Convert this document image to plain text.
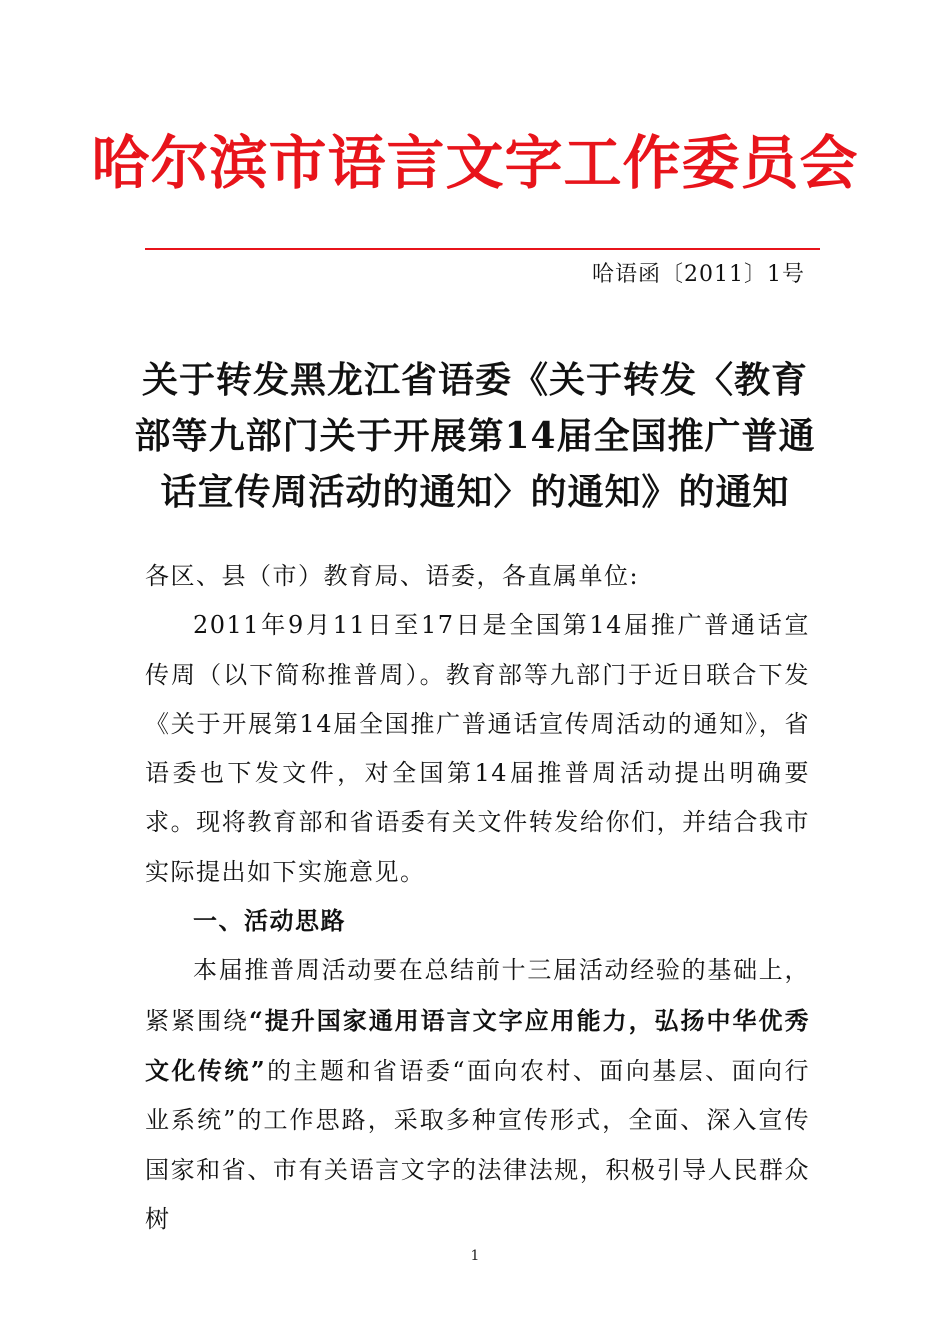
哈尔滨市语言文字工作委员会
哈语函〔2011〕1号
关于转发黑龙江省语委《关于转发〈教育部等九部门关于开展第14届全国推广普通话宣传周活动的通知〉的通知》的通知

各区、县（市）教育局、语委，各直属单位:

2011年9月11日至17日是全国第14届推广普通话宣传周（以下简称推普周）。教育部等九部门于近日联合下发《关于开展第14届全国推广普通话宣传周活动的通知》，省语委也下发文件，对全国第14届推普周活动提出明确要求。现将教育部和省语委有关文件转发给你们，并结合我市实际提出如下实施意见。

一、活动思路

本届推普周活动要在总结前十三届活动经验的基础上，紧紧围绕“提升国家通用语言文字应用能力，弘扬中华优秀文化传统”的主题和省语委“面向农村、面向基层、面向行业系统”的工作思路，采取多种宣传形式，全面、深入宣传国家和省、市有关语言文字的法律法规，积极引导人民群众树

1
